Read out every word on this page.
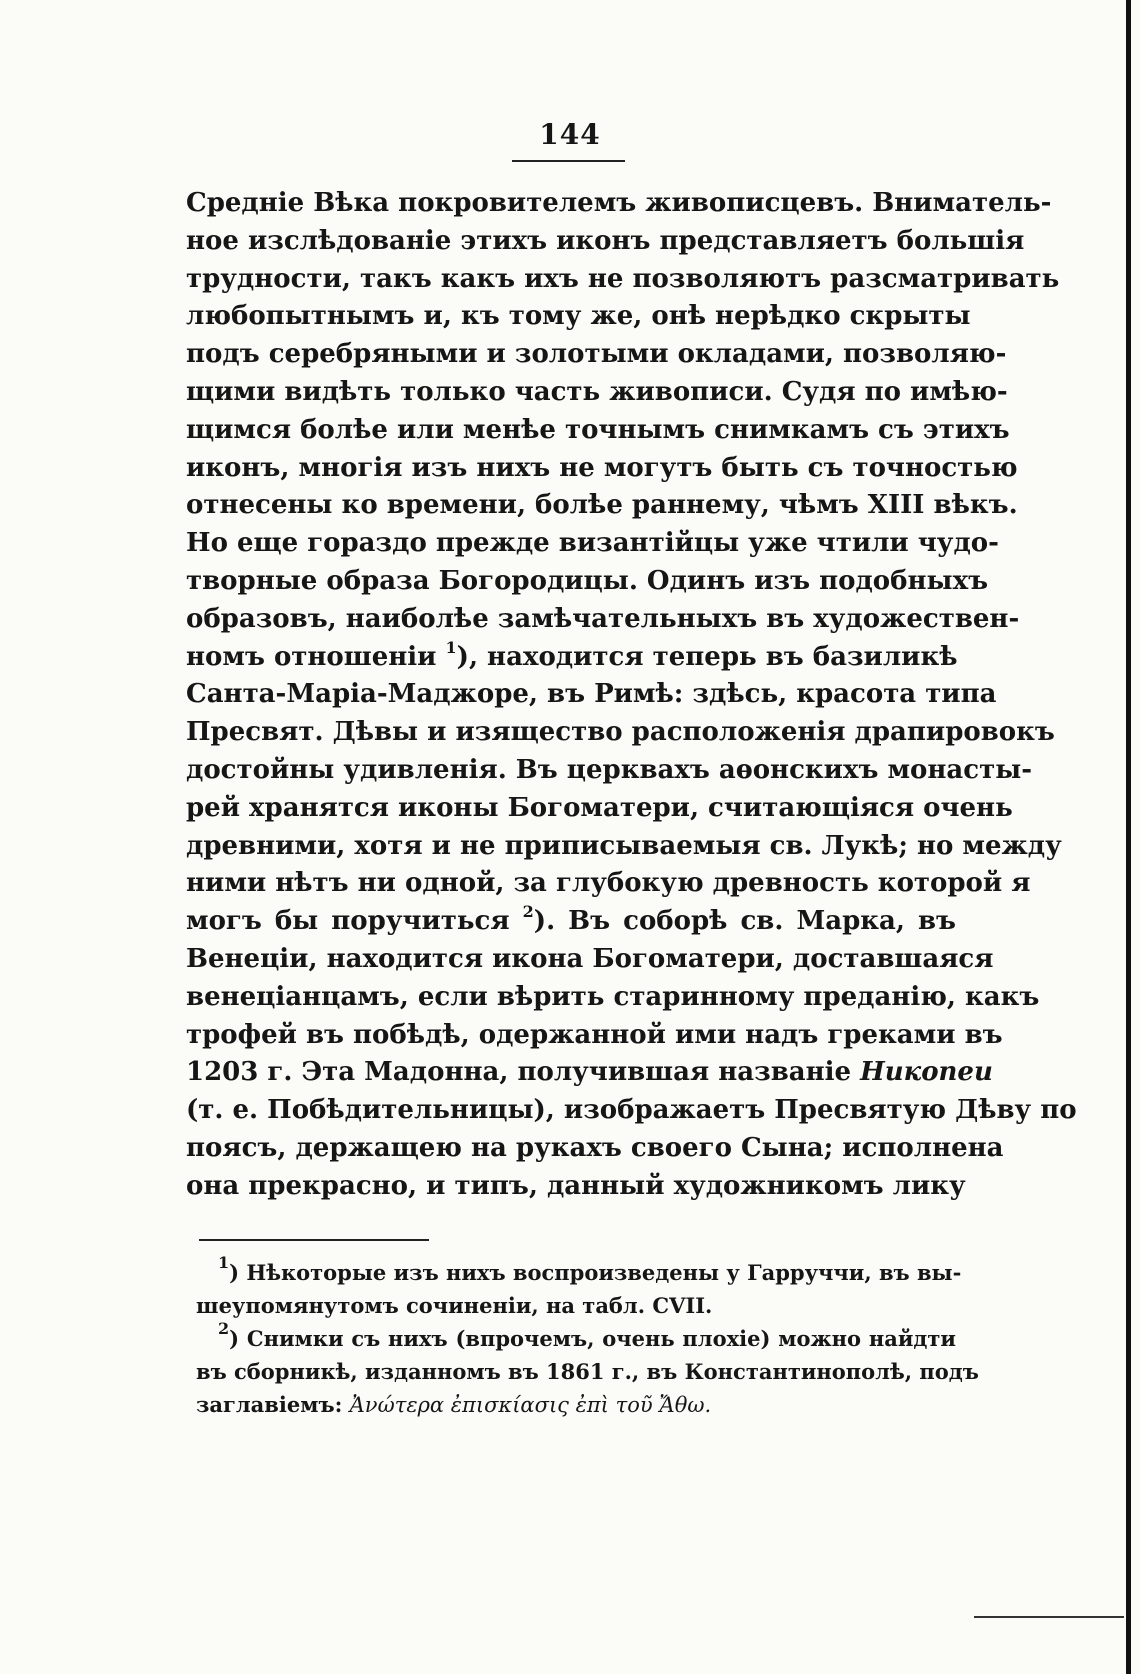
144
Средніе Вѣка покровителемъ живописцевъ. Вниматель-
ное изслѣдованіе этихъ иконъ представляетъ большія
трудности, такъ какъ ихъ не позволяютъ разсматривать
любопытнымъ и, къ тому же, онѣ нерѣдко скрыты
подъ серебряными и золотыми окладами, позволяю-
щими видѣть только часть живописи. Судя по имѣю-
щимся болѣе или менѣе точнымъ снимкамъ съ этихъ
иконъ, многія изъ нихъ не могутъ быть съ точностью
отнесены ко времени, болѣе раннему, чѣмъ XIII вѣкъ.
Но еще гораздо прежде византійцы уже чтили чудо-
творные образа Богородицы. Одинъ изъ подобныхъ
образовъ, наиболѣе замѣчательныхъ въ художествен-
номъ отношеніи $^1$), находится теперь въ базиликѣ
Санта-Маріа-Маджоре, въ Римѣ: здѣсь, красота типа
Пресвят. Дѣвы и изящество расположенія драпировокъ
достойны удивленія. Въ церквахъ аѳонскихъ монасты-
рей хранятся иконы Богоматери, считающіяся очень
древними, хотя и не приписываемыя св. Лукѣ; но между
ними нѣтъ ни одной, за глубокую древность которой я
могъ бы поручиться $^2$). Въ соборѣ св. Марка, въ
Венеціи, находится икона Богоматери, доставшаяся
венеціанцамъ, если вѣрить старинному преданію, какъ
трофей въ побѣдѣ, одержанной ими надъ греками въ
1203 г. Эта Мадонна, получившая названіе Никопеи
(т. е. Побѣдительницы), изображаетъ Пресвятую Дѣву по
поясъ, держащею на рукахъ своего Сына; исполнена
она прекрасно, и типъ, данный художникомъ лику
$^1$) Нѣкоторые изъ нихъ воспроизведены у Гарруччи, въ вы-
шеупомянутомъ сочиненіи, на табл. CVII.
$^2$) Снимки съ нихъ (впрочемъ, очень плохіе) можно найдти
въ сборникѣ, изданномъ въ 1861 г., въ Константинополѣ, подъ
заглавіемъ: Ἀνώτερα ἐπισκίασις ἐπὶ τοῦ Ἄθω.
